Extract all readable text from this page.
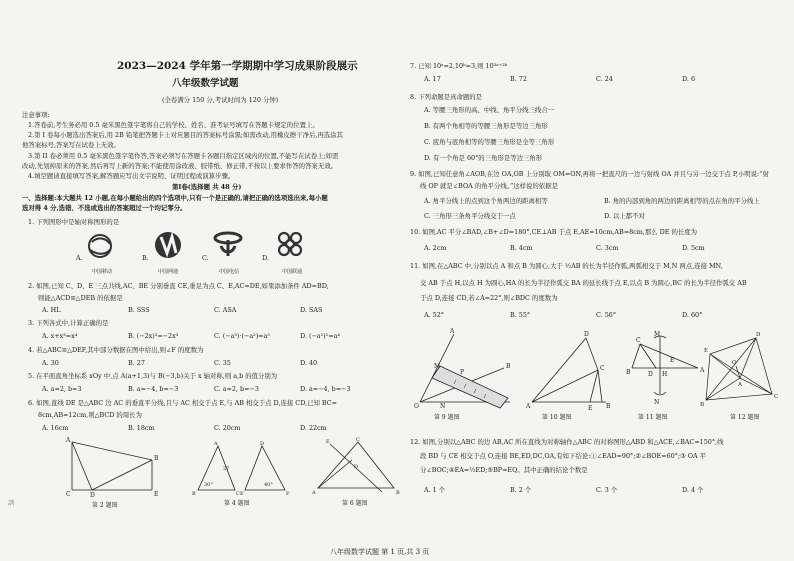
2023—2024 学年第一学期期中学习成果阶段展示
八年级数学试题
(全卷满分 150 分,考试时间为 120 分钟)
注意事项:
1.答卷前,考生务必用 0.5 毫米黑色签字笔将自己的学校、姓名、准考证号填写在答题卡规定的位置上。
2.第 I 卷每小题选出答案后,用 2B 铅笔把答题卡上对应题目的答案标号涂黑;如需改动,用橡皮擦干净后,再选涂其
他答案标号,答案写在试卷上无效。
3.第 II 卷必须用 0.5 毫米黑色签字笔作答,答案必须写在答题卡各题目指定区域内的位置,不能写在试卷上;如需
改动,先划掉原来的答案,然后再写上新的答案;不能使用涂改液、胶带纸、修正带,不按以上要求作答的答案无效。
4.填空题请直接填写答案,解答题应写出文字说明、证明过程或演算步骤。
第Ⅰ卷(选择题 共 48 分)
一、选择题:本大题共 12 小题,在每小题给出的四个选项中,只有一个是正确的,请把正确的选项选出来,每小题
选对得 4 分,选错、不选或选出的答案超过一个均记零分。
1. 下列图形中是轴对称图形的是
A.	B.	C.	D.
中国移动	中国网通	中国电信	中国联通
2. 如图,已知 C、D、E 三点共线,AC、BE 分别垂直 CE,垂足为点 C、E,AC=DE,如果添加条件 AD=BD,
则能△ACD≌△DEB 的依据是
A. HL	B. SSS	C. ASA	D. SAS
3. 下列各式中,计算正确的是
A. x+x³=x⁴	B. (−2x)³=−2x³	C. (−a³)·(−a²)=a⁵	D. (−a²)²=a⁴
4. 若△ABC≌△DEF,其中部分数据在图中给出,则∠F 的度数为
A. 30	B. 27	C. 35	D. 40
5. 在平面直角坐标系 xOy 中,点 A(a+1,3)与 B(−3,b)关于 x 轴对称,则 a,b 的值分别为
A. a=2, b=3	B. a=−4, b=−3	C. a=2, b=−3	D. a=−4, b=−3
6. 如图,直线 DE 是△ABC 边 AC 的垂直平分线,且与 AC 相交于点 E,与 AB 相交于点 D,连接 CD,已知 BC=
8cm,AB=12cm,则△BCD 的周长为
A. 16cm	B. 18cm	C. 20cm	D. 22cm
A
B
C	D	E
第 2 题图
A
B	C
D
E	F
30°
27
40°
第 4 题图
C
E
A	B
D
第 6 题图
7. 已知 10ᵃ=2,10ᵇ=3,则 10³ᵃ⁺²ᵇ
A. 17	B. 72	C. 24	D. 6
8. 下列命题是真命题的是
A. 等腰三角形的高、中线、角平分线三线合一
B. 有两个角相等的等腰三角形是等边三角形
C. 底角与底角相等的等腰三角形是全等三角形
D. 有一个角是 60°的三角形是等边三角形
9. 如图,已知任意角∠AOB,在边 OA,OB 上分别取 OM=ON,再将一把直尺的一边与射线 OA 并且与另一边交于点 P,小明说:“射
线 OP 就是∠BOA 的角平分线。”这样说的依据是
A. 角平分线上的点到这个角两边的距离相等	B. 角的内部到角的两边的距离相等的点在角的平分线上
C. 三角形三条角平分线交于一点	D. 以上都不对
10. 如图,AC 平分∠BAD,∠B+∠D=180°,CE⊥AB 于点 E,AE=10cm,AB=8cm,那么 DE 的长度为
A. 2cm	B. 4cm	C. 3cm	D. 5cm
11. 如图,在△ABC 中,分别以点 A 和点 B 为圆心,大于 ½AB 的长为半径作弧,两弧相交于 M,N 两点,连接 MN,
交 AB 于点 H,以点 H 为圆心,HA 的长为半径作弧交 BA 的延长线于点 E,以点 B 为圆心,BC 的长为半径作弧交 AB
于点 D,连接 CD,若∠A=22°,则∠BDC 的度数为
A. 52°	B. 55°	C. 56°	D. 60°
A
O
B
P
N
M
第 9 题图
A
D
C
B
E
第 10 题图
B
C
A
M
N
H
D
E
第 11 题图
E
D
B
C
A
O
第 12 题图
12. 如图,分别以△ABC 的边 AB,AC 所在直线为对称轴作△ABC 的对称图形△ABD 和△ACE,∠BAC=150°,线
段 BD 与 CE 相交于点 O,连接 BE,ED,DC,OA,有如下结论:①∠EAD=90°;②∠BOE=60°;③ OA 平
分∠BOC;④EA=½ED;⑤BP=EQ。其中正确的结论个数是
A. 1 个	B. 2 个	C. 3 个	D. 4 个
八年级数学试题 第 1 页,共 3 页
訓
